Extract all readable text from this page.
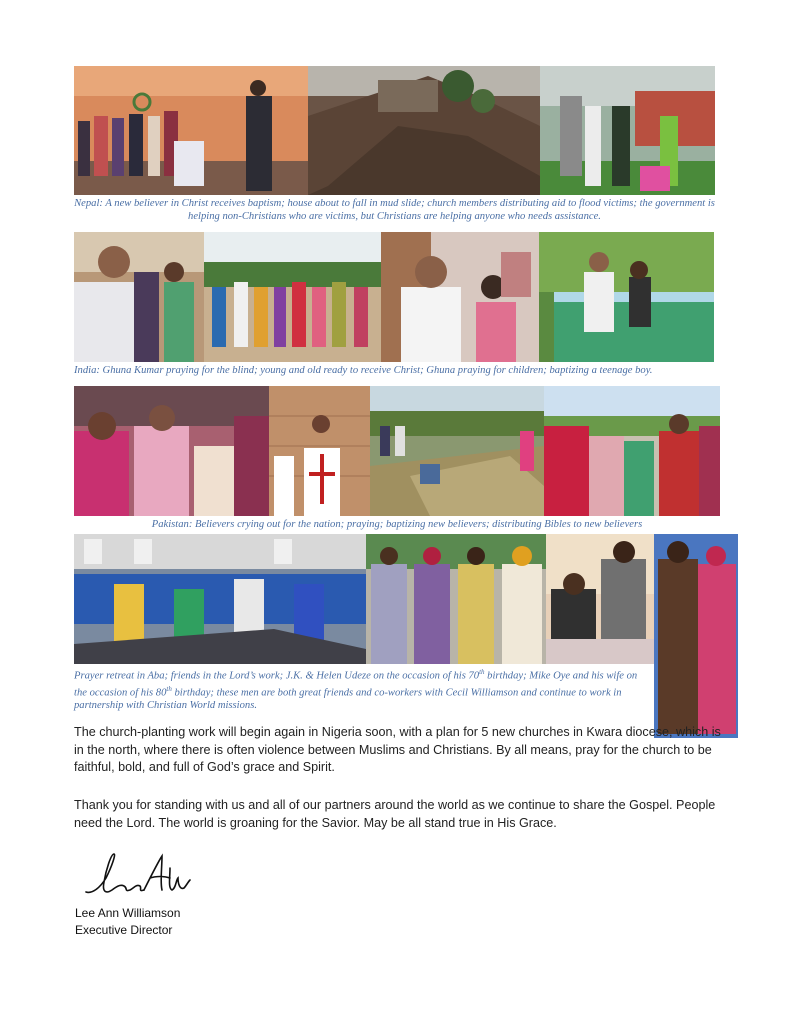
Nepal: A new believer in Christ receives baptism; house about to fall in mud slide; church members distributing aid to flood victims; the government is helping non-Christians who are victims, but Christians are helping anyone who needs assistance.
India: Ghuna Kumar praying for the blind; young and old ready to receive Christ; Ghuna praying for children; baptizing a teenage boy.
Pakistan: Believers crying out for the nation; praying; baptizing new believers; distributing Bibles to new believers
Prayer retreat in Aba; friends in the Lord’s work; J.K. & Helen Udeze on the occasion of his 70th birthday; Mike Oye and his wife on the occasion of his 80th birthday; these men are both great friends and co-workers with Cecil Williamson and continue to work in partnership with Christian World missions.
The church-planting work will begin again in Nigeria soon, with a plan for 5 new churches in Kwara diocese, which is in the north, where there is often violence between Muslims and Christians. By all means, pray for the church to be faithful, bold, and full of God’s grace and Spirit.
Thank you for standing with us and all of our partners around the world as we continue to share the Gospel. People need the Lord. The world is groaning for the Savior. May be all stand true in His Grace.
Lee Ann Williamson
Executive Director
